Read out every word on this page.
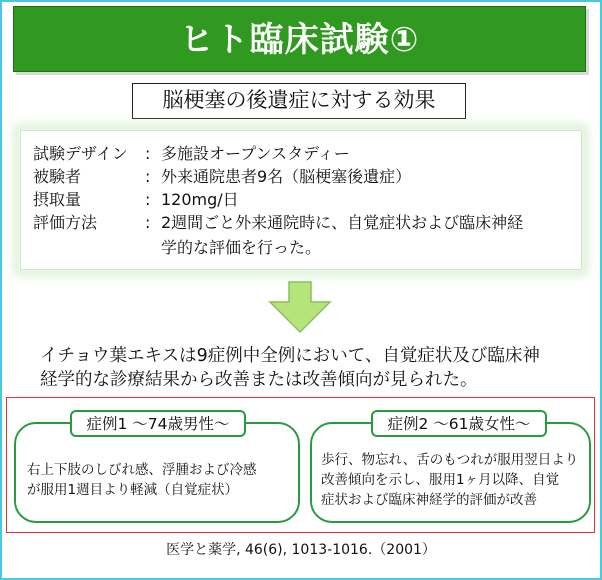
ヒト臨床試験①
脳梗塞の後遺症に対する効果
試験デザイン : 多施設オープンスタディー
被験者	: 外来通院患者9名（脳梗塞後遺症）
摂取量	: 120mg/日
評価方法	: 2週間ごと外来通院時に、自覚症状および臨床神経
学的な評価を行った。
イチョウ葉エキスは9症例中全例において、自覚症状及び臨床神
経学的な診療結果から改善または改善傾向が見られた。
症例1 ～74歳男性～	症例2 ～61歳女性～
右上下肢のしびれ感、浮腫および冷感
が服用1週目より軽減（自覚症状）
歩行、物忘れ、舌のもつれが服用翌日より
改善傾向を示し、服用1ヶ月以降、自覚
症状および臨床神経学的評価が改善
医学と薬学, 46(6), 1013-1016.（2001）
